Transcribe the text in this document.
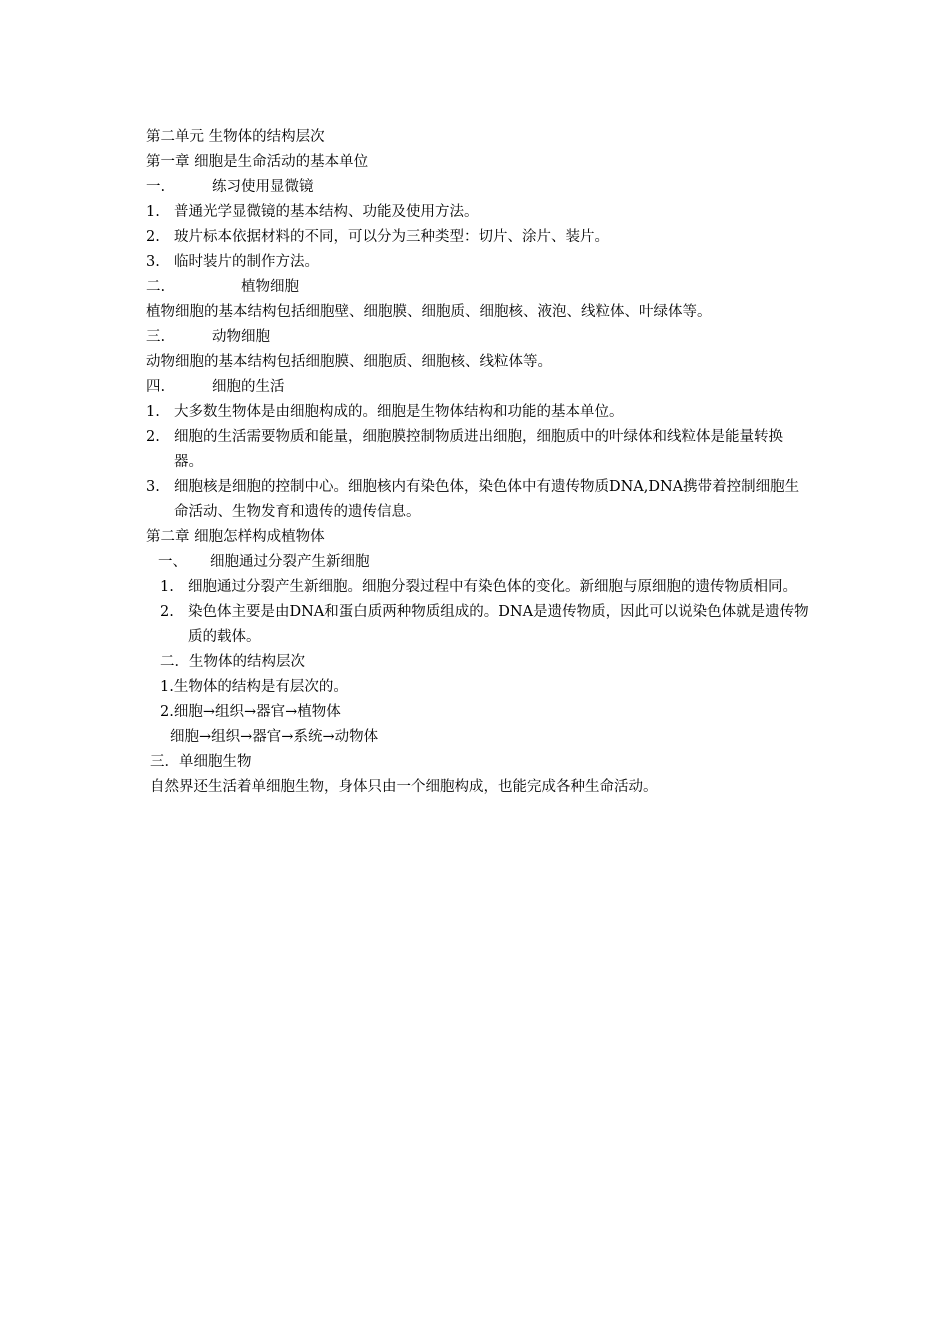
第二单元 生物体的结构层次
第一章 细胞是生命活动的基本单位
一.	练习使用显微镜
1. 普通光学显微镜的基本结构、功能及使用方法。
2. 玻片标本依据材料的不同，可以分为三种类型：切片、涂片、装片。
3. 临时装片的制作方法。
二.	植物细胞
植物细胞的基本结构包括细胞壁、细胞膜、细胞质、细胞核、液泡、线粒体、叶绿体等。
三.	动物细胞
动物细胞的基本结构包括细胞膜、细胞质、细胞核、线粒体等。
四.	细胞的生活
1. 大多数生物体是由细胞构成的。细胞是生物体结构和功能的基本单位。
2. 细胞的生活需要物质和能量，细胞膜控制物质进出细胞，细胞质中的叶绿体和线粒体是能量转换器。
3. 细胞核是细胞的控制中心。细胞核内有染色体，染色体中有遗传物质DNA,DNA携带着控制细胞生命活动、生物发育和遗传的遗传信息。
第二章 细胞怎样构成植物体
一、 细胞通过分裂产生新细胞
1. 细胞通过分裂产生新细胞。细胞分裂过程中有染色体的变化。新细胞与原细胞的遗传物质相同。
2. 染色体主要是由DNA和蛋白质两种物质组成的。DNA是遗传物质，因此可以说染色体就是遗传物质的载体。
二．生物体的结构层次
1.生物体的结构是有层次的。
2.细胞→组织→器官→植物体
细胞→组织→器官→系统→动物体
三．单细胞生物
自然界还生活着单细胞生物，身体只由一个细胞构成，也能完成各种生命活动。
